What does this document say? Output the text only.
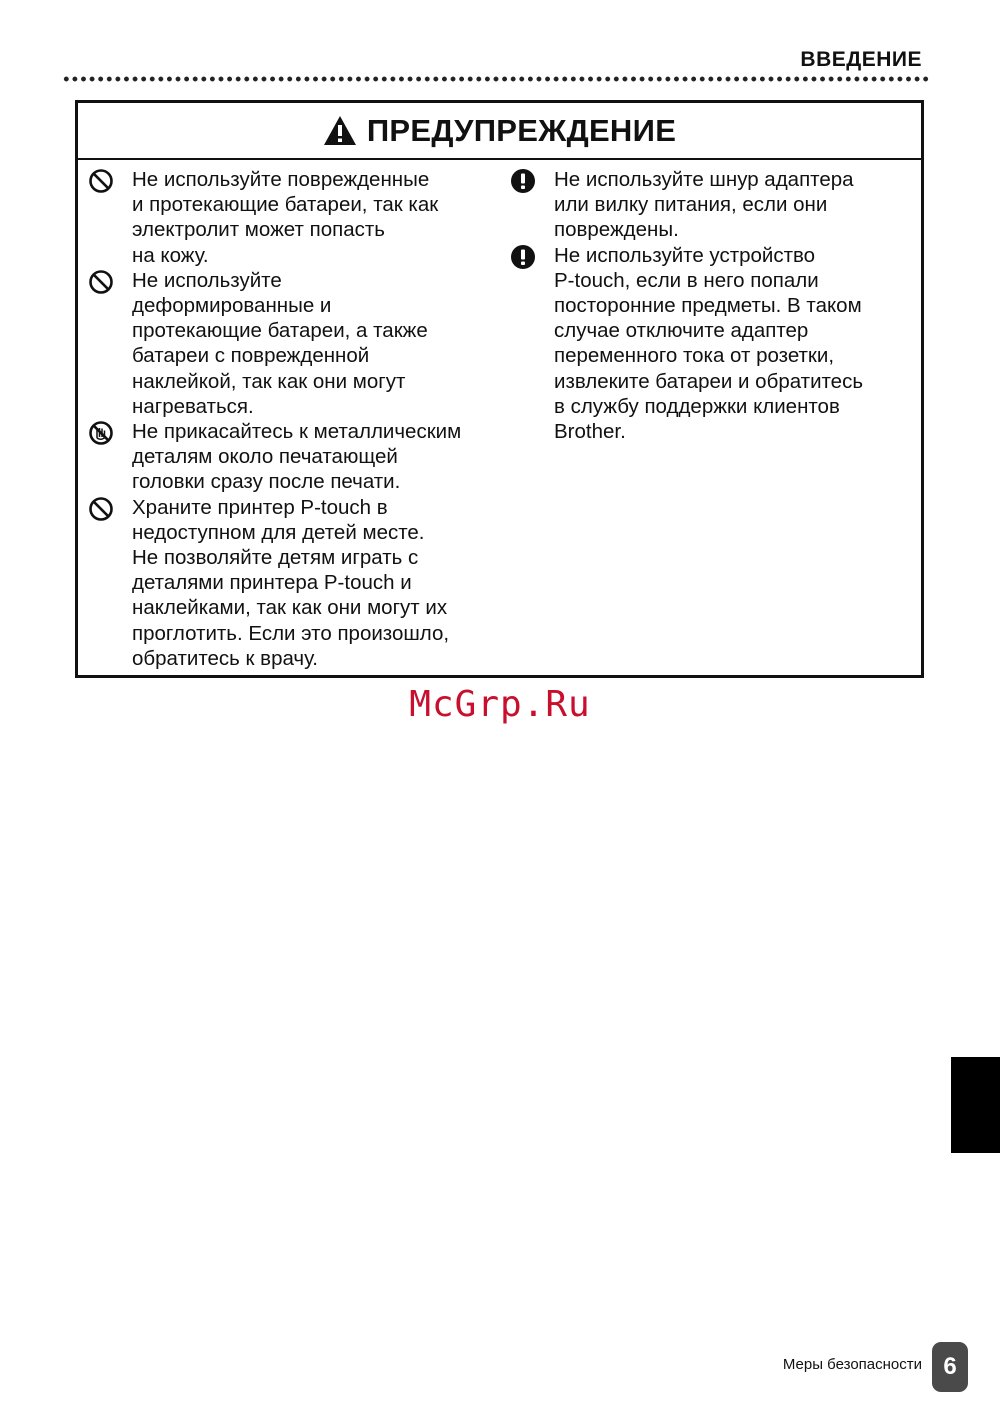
ВВЕДЕНИЕ
ПРЕДУПРЕЖДЕНИЕ
Не используйте поврежденные
и протекающие батареи, так как
электролит может попасть
на кожу.
Не используйте
деформированные и
протекающие батареи, а также
батареи с поврежденной
наклейкой, так как они могут
нагреваться.
Не прикасайтесь к металлическим
деталям около печатающей
головки сразу после печати.
Храните принтер P-touch в
недоступном для детей месте.
Не позволяйте детям играть с
деталями принтера P-touch и
наклейками, так как они могут их
проглотить. Если это произошло,
обратитесь к врачу.
Не используйте шнур адаптера
или вилку питания, если они
повреждены.
Не используйте устройство
P-touch, если в него попали
посторонние предметы. В таком
случае отключите адаптер
переменного тока от розетки,
извлеките батареи и обратитесь
в службу поддержки клиентов
Brother.
McGrp.Ru
Меры безопасности 6
